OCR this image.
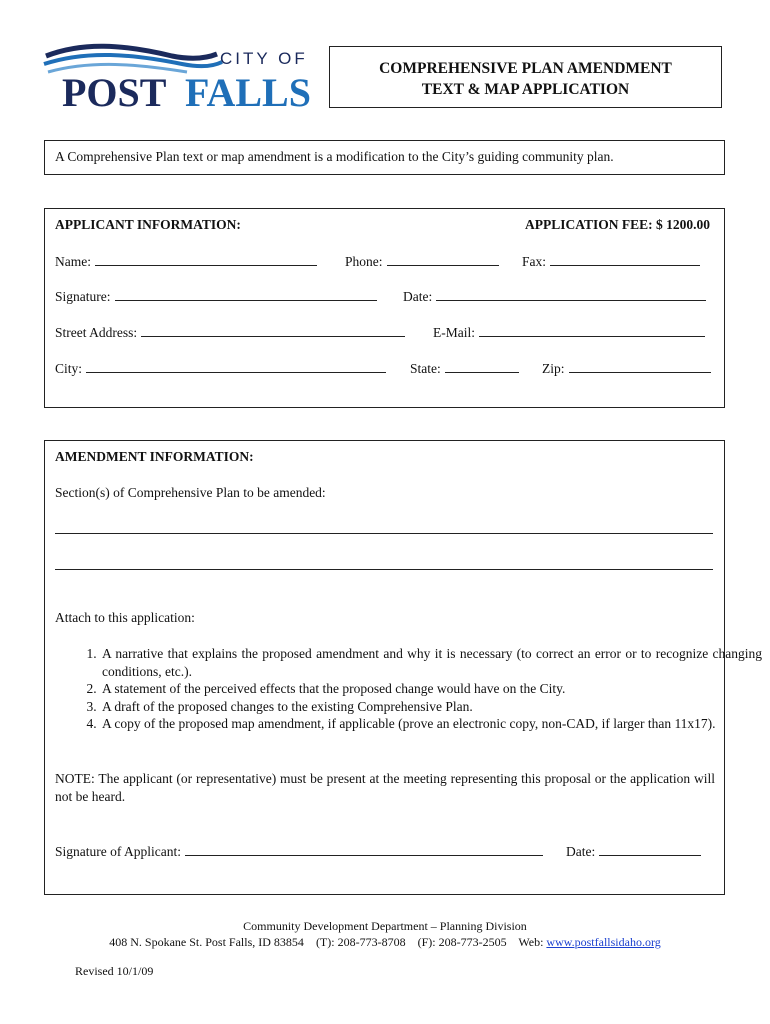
CITY OF
POST FALLS
COMPREHENSIVE PLAN AMENDMENT
TEXT & MAP APPLICATION
A Comprehensive Plan text or map amendment is a modification to the City’s guiding community plan.
APPLICANT INFORMATION:	APPLICATION FEE: $ 1200.00
Name:	Phone:	Fax:
Signature:	Date:
Street Address:	E-Mail:
City:	State:	Zip:
AMENDMENT INFORMATION:
Section(s) of Comprehensive Plan to be amended:
Attach to this application:
1. A narrative that explains the proposed amendment and why it is necessary (to correct an error or to recognize changing conditions, etc.).
2. A statement of the perceived effects that the proposed change would have on the City.
3. A draft of the proposed changes to the existing Comprehensive Plan.
4. A copy of the proposed map amendment, if applicable (prove an electronic copy, non-CAD, if larger than 11x17).
NOTE: The applicant (or representative) must be present at the meeting representing this proposal or the application will not be heard.
Signature of Applicant:	Date:
Community Development Department – Planning Division
408 N. Spokane St. Post Falls, ID 83854 (T): 208-773-8708 (F): 208-773-2505 Web: www.postfallsidaho.org
Revised 10/1/09
